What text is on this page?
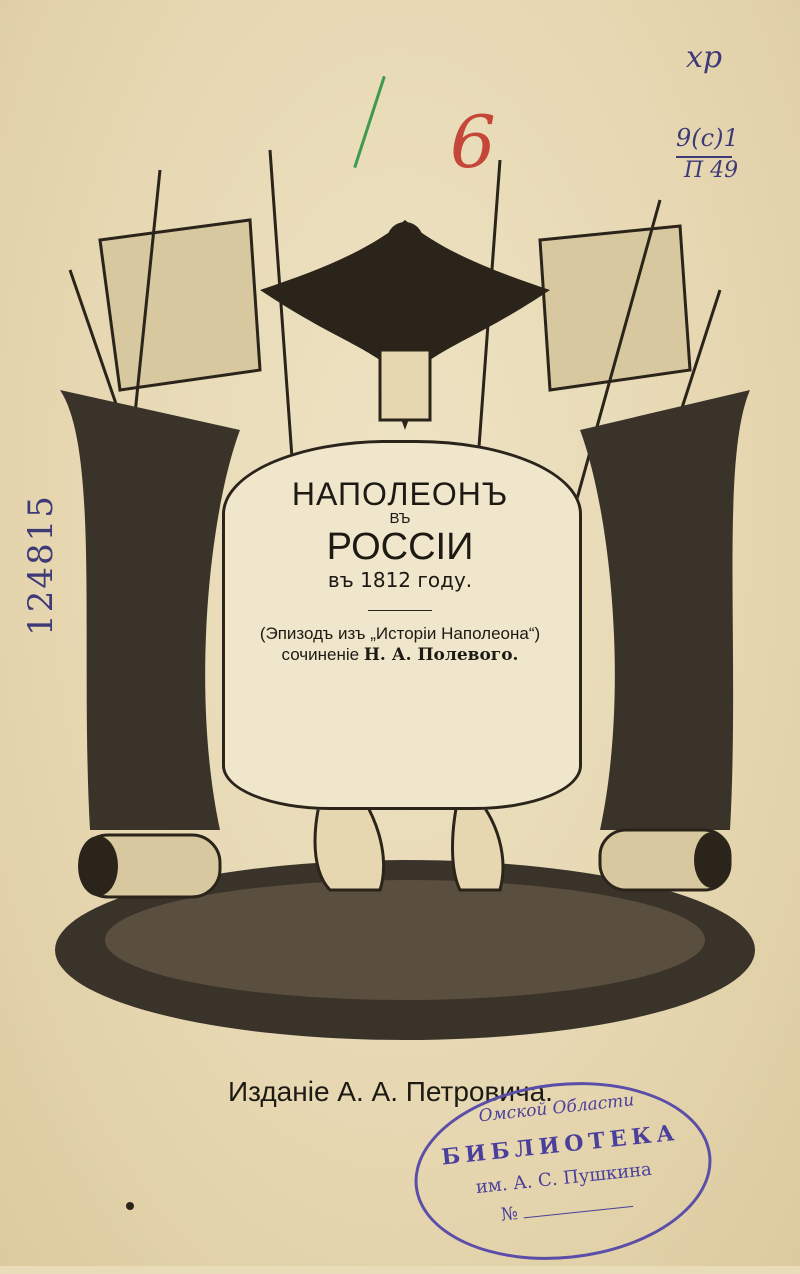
хр
9(с)1
П 49
6
124815
НАПОЛЕОНЪ
ВЪ
РОССІИ
въ 1812 году.
(Эпизодъ изъ „Исторіи Наполеона“)
сочиненіе Н. А. Полевого.
Изданіе А. А. Петровича.
Омской Области
БИБЛИОТЕКА
им. А. С. Пушкина
№
